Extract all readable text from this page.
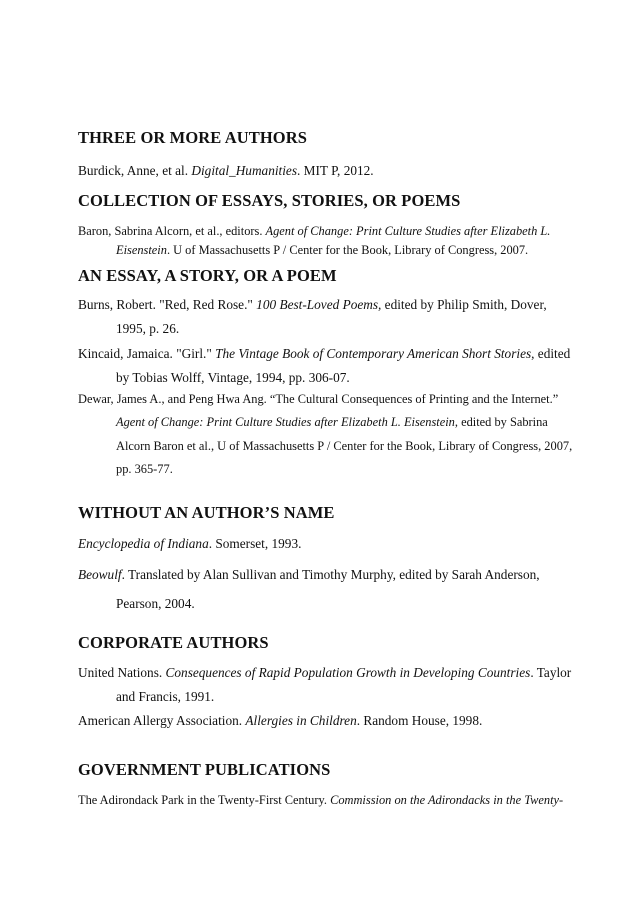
THREE OR MORE AUTHORS
Burdick, Anne, et al. Digital_Humanities. MIT P, 2012.
COLLECTION OF ESSAYS, STORIES, OR POEMS
Baron, Sabrina Alcorn, et al., editors. Agent of Change: Print Culture Studies after Elizabeth L.
Eisenstein. U of Massachusetts P / Center for the Book, Library of Congress, 2007.
AN ESSAY, A STORY, OR A POEM
Burns, Robert. "Red, Red Rose." 100 Best-Loved Poems, edited by Philip Smith, Dover,
1995, p. 26.
Kincaid, Jamaica. "Girl." The Vintage Book of Contemporary American Short Stories, edited
by Tobias Wolff, Vintage, 1994, pp. 306-07.
Dewar, James A., and Peng Hwa Ang. “The Cultural Consequences of Printing and the Internet.”
Agent of Change: Print Culture Studies after Elizabeth L. Eisenstein, edited by Sabrina
Alcorn Baron et al., U of Massachusetts P / Center for the Book, Library of Congress, 2007,
pp. 365-77.
WITHOUT AN AUTHOR’S NAME
Encyclopedia of Indiana. Somerset, 1993.
Beowulf. Translated by Alan Sullivan and Timothy Murphy, edited by Sarah Anderson,
Pearson, 2004.
CORPORATE AUTHORS
United Nations. Consequences of Rapid Population Growth in Developing Countries. Taylor
and Francis, 1991.
American Allergy Association. Allergies in Children. Random House, 1998.
GOVERNMENT PUBLICATIONS
The Adirondack Park in the Twenty-First Century. Commission on the Adirondacks in the Twenty-
